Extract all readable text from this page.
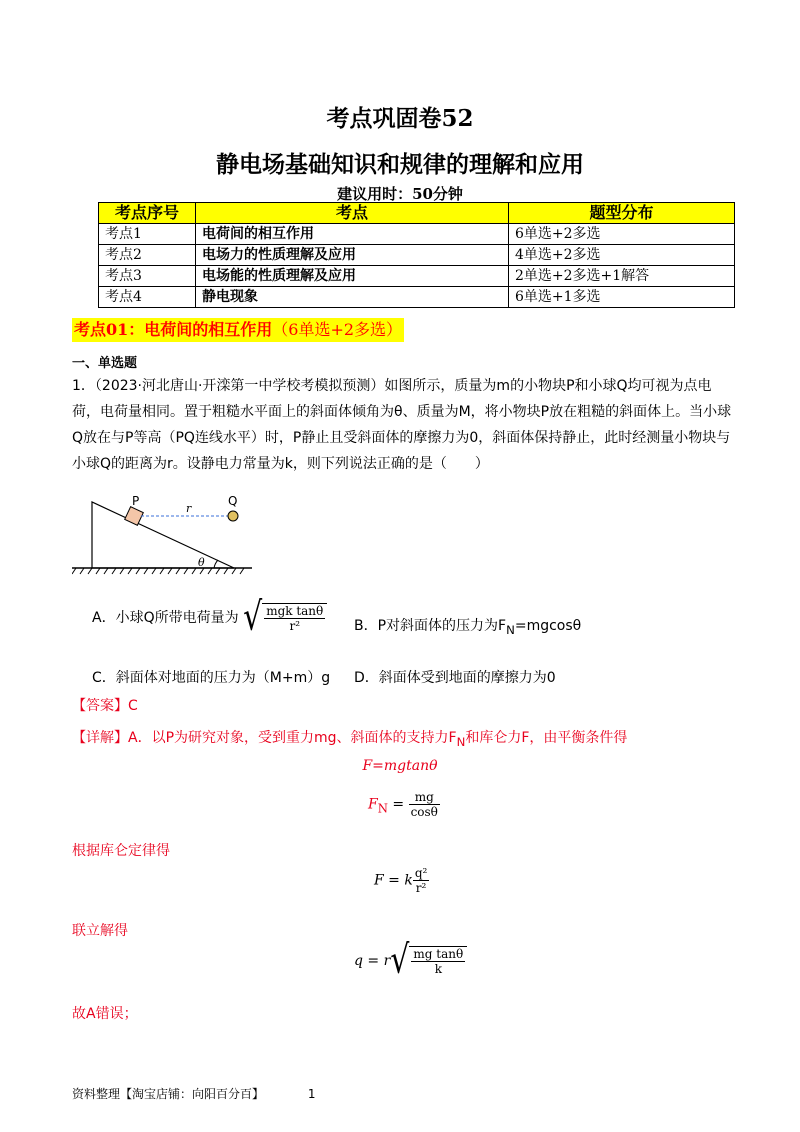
考点巩固卷52
静电场基础知识和规律的理解和应用
建议用时：50分钟
考点序号	考点	题型分布
考点1	电荷间的相互作用	6单选+2多选
考点2	电场力的性质理解及应用	4单选+2多选
考点3	电场能的性质理解及应用	2单选+2多选+1解答
考点4	静电现象	6单选+1多选
考点01：电荷间的相互作用（6单选+2多选）
一、单选题
1．（2023·河北唐山·开滦第一中学校考模拟预测）如图所示，质量为m的小物块P和小球Q均可视为点电荷，电荷量相同。置于粗糙水平面上的斜面体倾角为θ、质量为M，将小物块P放在粗糙的斜面体上。当小球Q放在与P等高（PQ连线水平）时，P静止且受斜面体的摩擦力为0，斜面体保持静止，此时经测量小物块与小球Q的距离为r。设静电力常量为k，则下列说法正确的是（　　）
θ
P
r
Q
A．小球Q所带电荷量为 √ $\frac{\text{mgk tanθ}}{\text{r²}}$ B．P对斜面体的压力为$F_N=mgcos\theta$
C．斜面体对地面的压力为（M+m）g D．斜面体受到地面的摩擦力为0
【答案】C
【详解】A．以P为研究对象，受到重力mg、斜面体的支持力$F_N$和库仑力F，由平衡条件得
F=mgtanθ
$F_N = \frac{mg}{\cos\theta}$
根据库仑定律得
F = k $\frac{\text{q²}}{\text{r²}}$
联立解得
$q = r√ \frac{\text{mg tanθ}}{k}$
故A错误；
资料整理【淘宝店铺：向阳百分百】	1
